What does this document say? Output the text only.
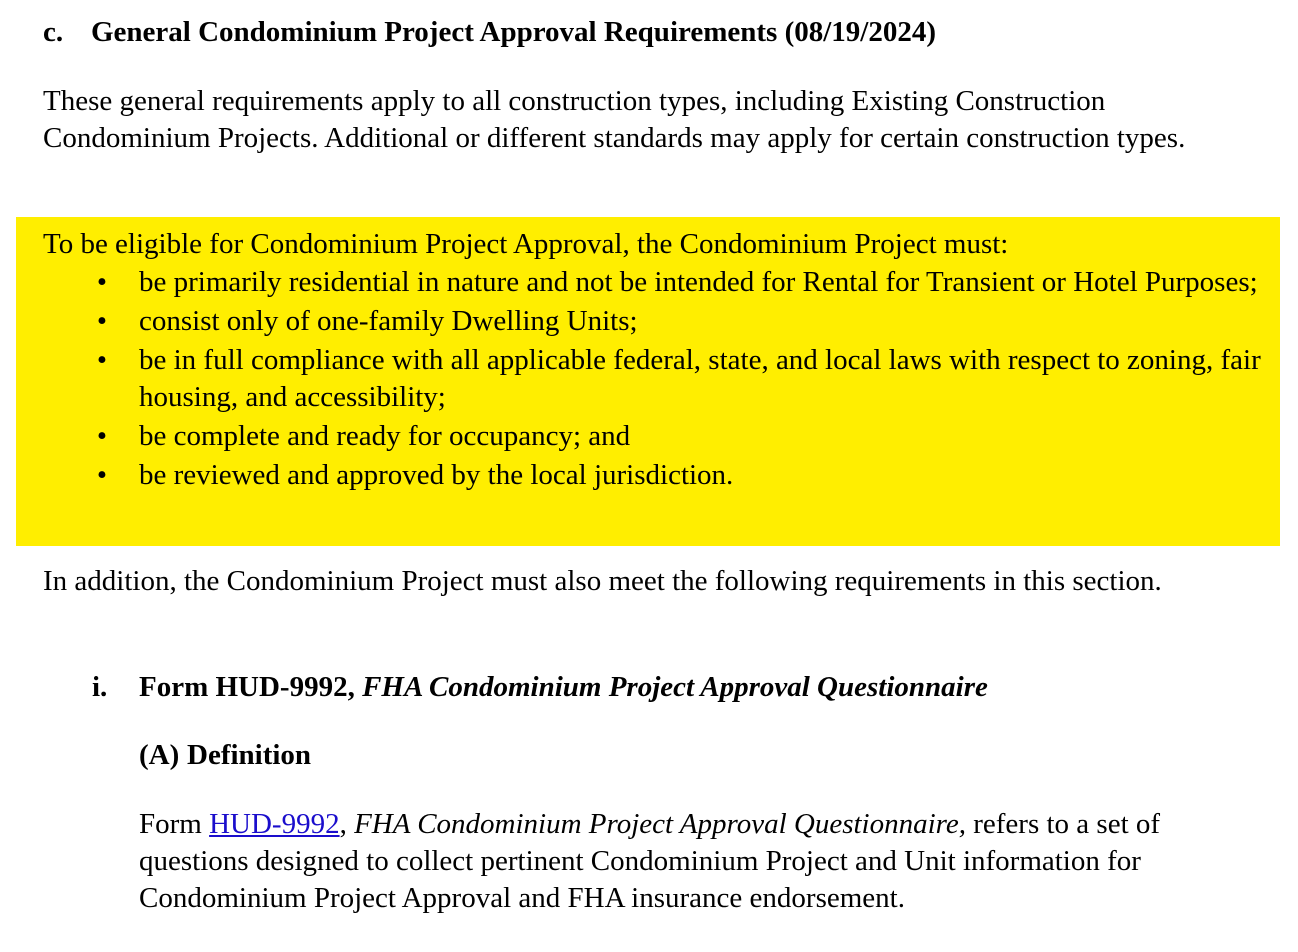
c. General Condominium Project Approval Requirements (08/19/2024)
These general requirements apply to all construction types, including Existing Construction Condominium Projects. Additional or different standards may apply for certain construction types.
To be eligible for Condominium Project Approval, the Condominium Project must:
• be primarily residential in nature and not be intended for Rental for Transient or Hotel Purposes;
• consist only of one-family Dwelling Units;
• be in full compliance with all applicable federal, state, and local laws with respect to zoning, fair housing, and accessibility;
• be complete and ready for occupancy; and
• be reviewed and approved by the local jurisdiction.
In addition, the Condominium Project must also meet the following requirements in this section.
i. Form HUD-9992, FHA Condominium Project Approval Questionnaire
(A) Definition
Form HUD-9992, FHA Condominium Project Approval Questionnaire, refers to a set of questions designed to collect pertinent Condominium Project and Unit information for Condominium Project Approval and FHA insurance endorsement.
